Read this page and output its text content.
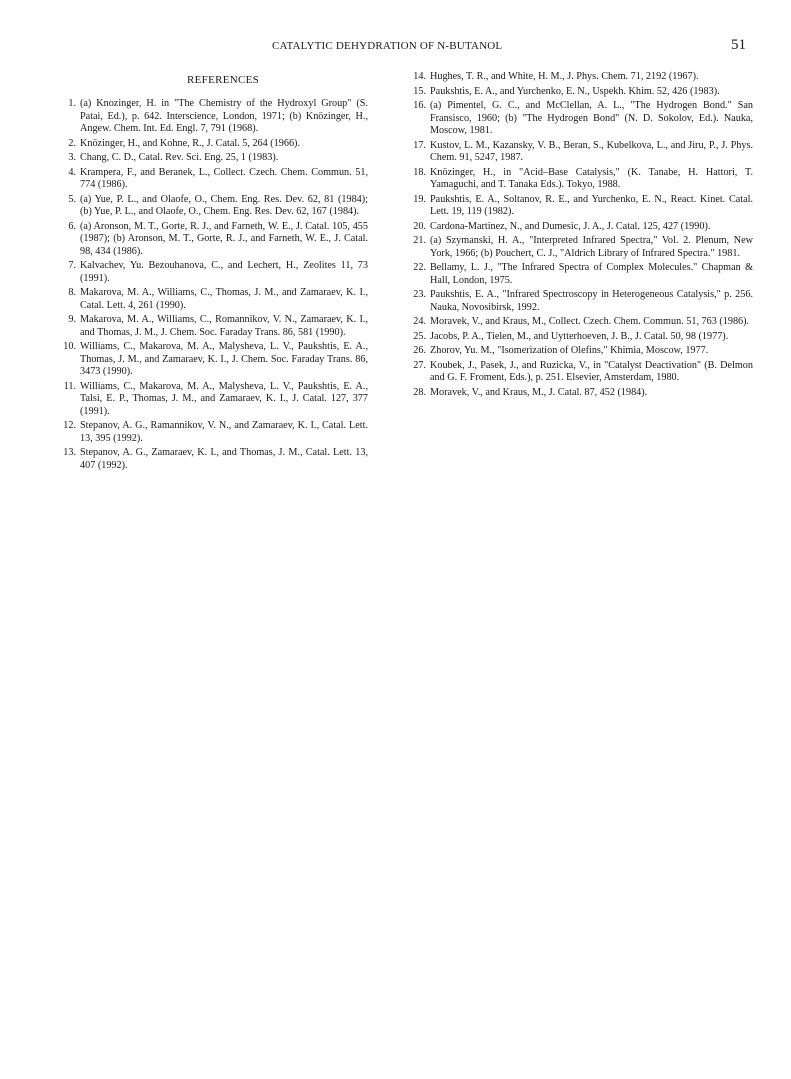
CATALYTIC DEHYDRATION OF N-BUTANOL	51
REFERENCES
1. (a) Knozinger, H. in "The Chemistry of the Hydroxyl Group" (S. Patai, Ed.), p. 642. Interscience, London, 1971; (b) Knözinger, H., Angew. Chem. Int. Ed. Engl. 7, 791 (1968).
2. Knözinger, H., and Kohne, R., J. Catal. 5, 264 (1966).
3. Chang, C. D., Catal. Rev. Sci. Eng. 25, 1 (1983).
4. Krampera, F., and Beranek, L., Collect. Czech. Chem. Commun. 51, 774 (1986).
5. (a) Yue, P. L., and Olaofe, O., Chem. Eng. Res. Dev. 62, 81 (1984); (b) Yue, P. L., and Olaofe, O., Chem. Eng. Res. Dev. 62, 167 (1984).
6. (a) Aronson, M. T., Gorte, R. J., and Farneth, W. E., J. Catal. 105, 455 (1987); (b) Aronson, M. T., Gorte, R. J., and Farneth, W. E., J. Catal. 98, 434 (1986).
7. Kalvachev, Yu. Bezouhanova, C., and Lechert, H., Zeolites 11, 73 (1991).
8. Makarova, M. A., Williams, C., Thomas, J. M., and Zamaraev, K. I., Catal. Lett. 4, 261 (1990).
9. Makarova, M. A., Williams, C., Romannikov, V. N., Zamaraev, K. I., and Thomas, J. M., J. Chem. Soc. Faraday Trans. 86, 581 (1990).
10. Williams, C., Makarova, M. A., Malysheva, L. V., Paukshtis, E. A., Thomas, J. M., and Zamaraev, K. I., J. Chem. Soc. Faraday Trans. 86, 3473 (1990).
11. Williams, C., Makarova, M. A., Malysheva, L. V., Paukshtis, E. A., Talsi, E. P., Thomas, J. M., and Zamaraev, K. I., J. Catal. 127, 377 (1991).
12. Stepanov, A. G., Ramannikov, V. N., and Zamaraev, K. I., Catal. Lett. 13, 395 (1992).
13. Stepanov, A. G., Zamaraev, K. I., and Thomas, J. M., Catal. Lett. 13, 407 (1992).
14. Hughes, T. R., and White, H. M., J. Phys. Chem. 71, 2192 (1967).
15. Paukshtis, E. A., and Yurchenko, E. N., Uspekh. Khim. 52, 426 (1983).
16. (a) Pimentel, G. C., and McClellan, A. L., "The Hydrogen Bond." San Fransisco, 1960; (b) "The Hydrogen Bond" (N. D. Sokolov, Ed.). Nauka, Moscow, 1981.
17. Kustov, L. M., Kazansky, V. B., Beran, S., Kubelkova, L., and Jiru, P., J. Phys. Chem. 91, 5247, 1987.
18. Knözinger, H., in "Acid–Base Catalysis," (K. Tanabe, H. Hattori, T. Yamaguchi, and T. Tanaka Eds.). Tokyo, 1988.
19. Paukshtis, E. A., Soltanov, R. E., and Yurchenko, E. N., React. Kinet. Catal. Lett. 19, 119 (1982).
20. Cardona-Martinez, N., and Dumesic, J. A., J. Catal. 125, 427 (1990).
21. (a) Szymanski, H. A., "Interpreted Infrared Spectra," Vol. 2. Plenum, New York, 1966; (b) Pouchert, C. J., "Aldrich Library of Infrared Spectra." 1981.
22. Bellamy, L. J., "The Infrared Spectra of Complex Molecules." Chapman & Hall, London, 1975.
23. Paukshtis, E. A., "Infrared Spectroscopy in Heterogeneous Catalysis," p. 256. Nauka, Novosibirsk, 1992.
24. Moravek, V., and Kraus, M., Collect. Czech. Chem. Commun. 51, 763 (1986).
25. Jacobs, P. A., Tielen, M., and Uytterhoeven, J. B., J. Catal. 50, 98 (1977).
26. Zhorov, Yu. M., "Isomerization of Olefins," Khimia, Moscow, 1977.
27. Koubek, J., Pasek, J., and Ruzicka, V., in "Catalyst Deactivation" (B. Delmon and G. F. Froment, Eds.), p. 251. Elsevier, Amsterdam, 1980.
28. Moravek, V., and Kraus, M., J. Catal. 87, 452 (1984).
